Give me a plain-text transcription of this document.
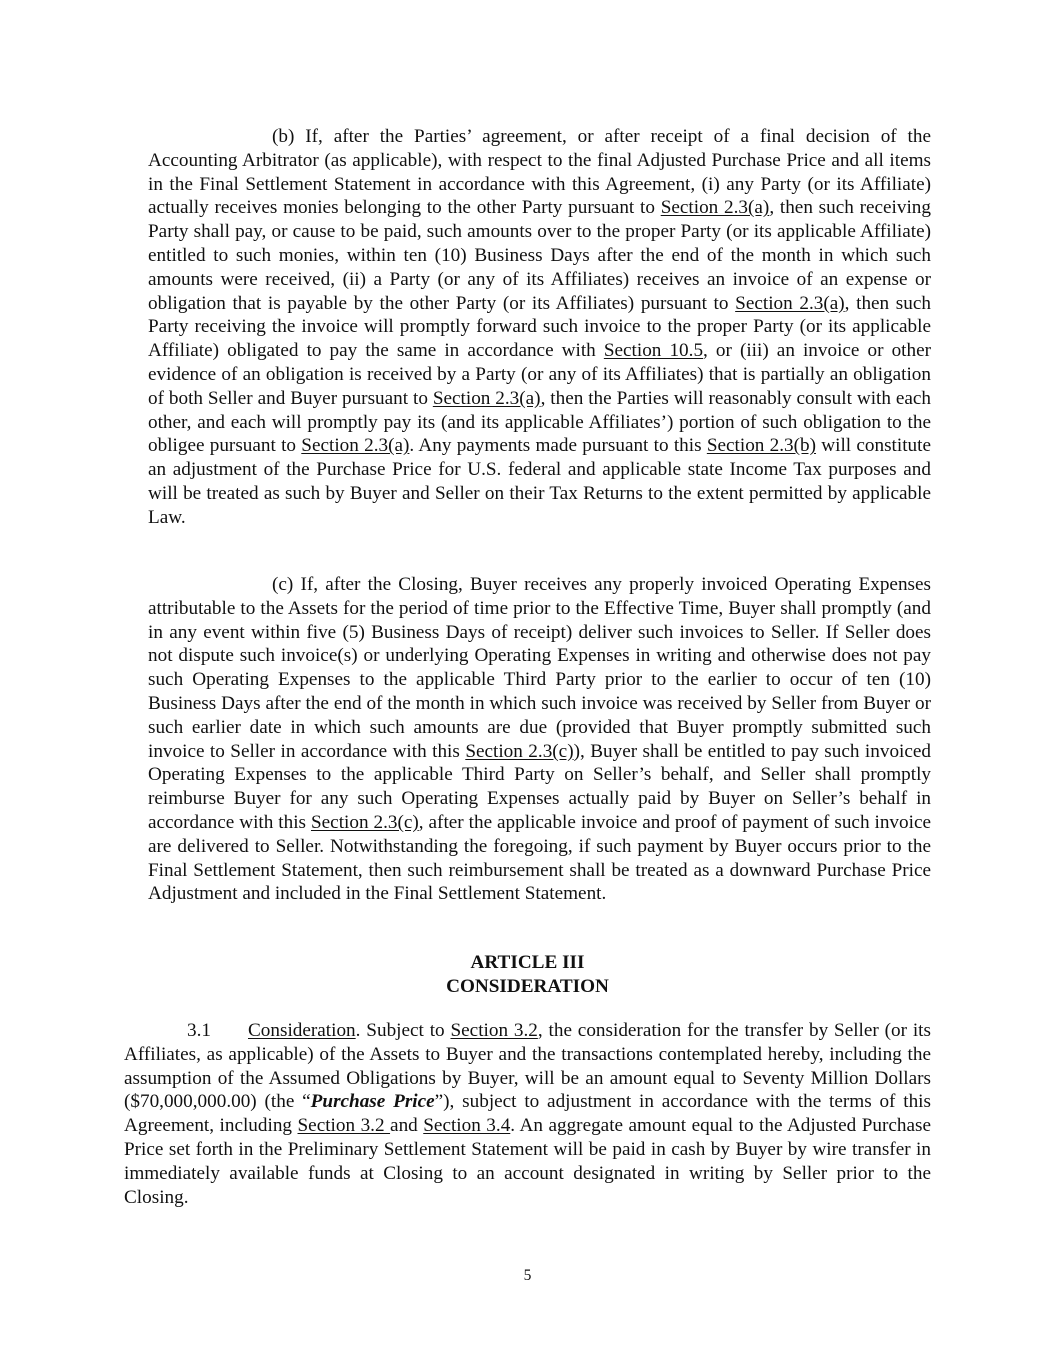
(b) If, after the Parties’ agreement, or after receipt of a final decision of the Accounting Arbitrator (as applicable), with respect to the final Adjusted Purchase Price and all items in the Final Settlement Statement in accordance with this Agreement, (i) any Party (or its Affiliate) actually receives monies belonging to the other Party pursuant to Section 2.3(a), then such receiving Party shall pay, or cause to be paid, such amounts over to the proper Party (or its applicable Affiliate) entitled to such monies, within ten (10) Business Days after the end of the month in which such amounts were received, (ii) a Party (or any of its Affiliates) receives an invoice of an expense or obligation that is payable by the other Party (or its Affiliates) pursuant to Section 2.3(a), then such Party receiving the invoice will promptly forward such invoice to the proper Party (or its applicable Affiliate) obligated to pay the same in accordance with Section 10.5, or (iii) an invoice or other evidence of an obligation is received by a Party (or any of its Affiliates) that is partially an obligation of both Seller and Buyer pursuant to Section 2.3(a), then the Parties will reasonably consult with each other, and each will promptly pay its (and its applicable Affiliates’) portion of such obligation to the obligee pursuant to Section 2.3(a). Any payments made pursuant to this Section 2.3(b) will constitute an adjustment of the Purchase Price for U.S. federal and applicable state Income Tax purposes and will be treated as such by Buyer and Seller on their Tax Returns to the extent permitted by applicable Law.

(c) If, after the Closing, Buyer receives any properly invoiced Operating Expenses attributable to the Assets for the period of time prior to the Effective Time, Buyer shall promptly (and in any event within five (5) Business Days of receipt) deliver such invoices to Seller. If Seller does not dispute such invoice(s) or underlying Operating Expenses in writing and otherwise does not pay such Operating Expenses to the applicable Third Party prior to the earlier to occur of ten (10) Business Days after the end of the month in which such invoice was received by Seller from Buyer or such earlier date in which such amounts are due (provided that Buyer promptly submitted such invoice to Seller in accordance with this Section 2.3(c)), Buyer shall be entitled to pay such invoiced Operating Expenses to the applicable Third Party on Seller’s behalf, and Seller shall promptly reimburse Buyer for any such Operating Expenses actually paid by Buyer on Seller’s behalf in accordance with this Section 2.3(c), after the applicable invoice and proof of payment of such invoice are delivered to Seller. Notwithstanding the foregoing, if such payment by Buyer occurs prior to the Final Settlement Statement, then such reimbursement shall be treated as a downward Purchase Price Adjustment and included in the Final Settlement Statement.

ARTICLE III
CONSIDERATION

3.1 Consideration. Subject to Section 3.2, the consideration for the transfer by Seller (or its Affiliates, as applicable) of the Assets to Buyer and the transactions contemplated hereby, including the assumption of the Assumed Obligations by Buyer, will be an amount equal to Seventy Million Dollars ($70,000,000.00) (the “Purchase Price”), subject to adjustment in accordance with the terms of this Agreement, including Section 3.2 and Section 3.4. An aggregate amount equal to the Adjusted Purchase Price set forth in the Preliminary Settlement Statement will be paid in cash by Buyer by wire transfer in immediately available funds at Closing to an account designated in writing by Seller prior to the Closing.

5
